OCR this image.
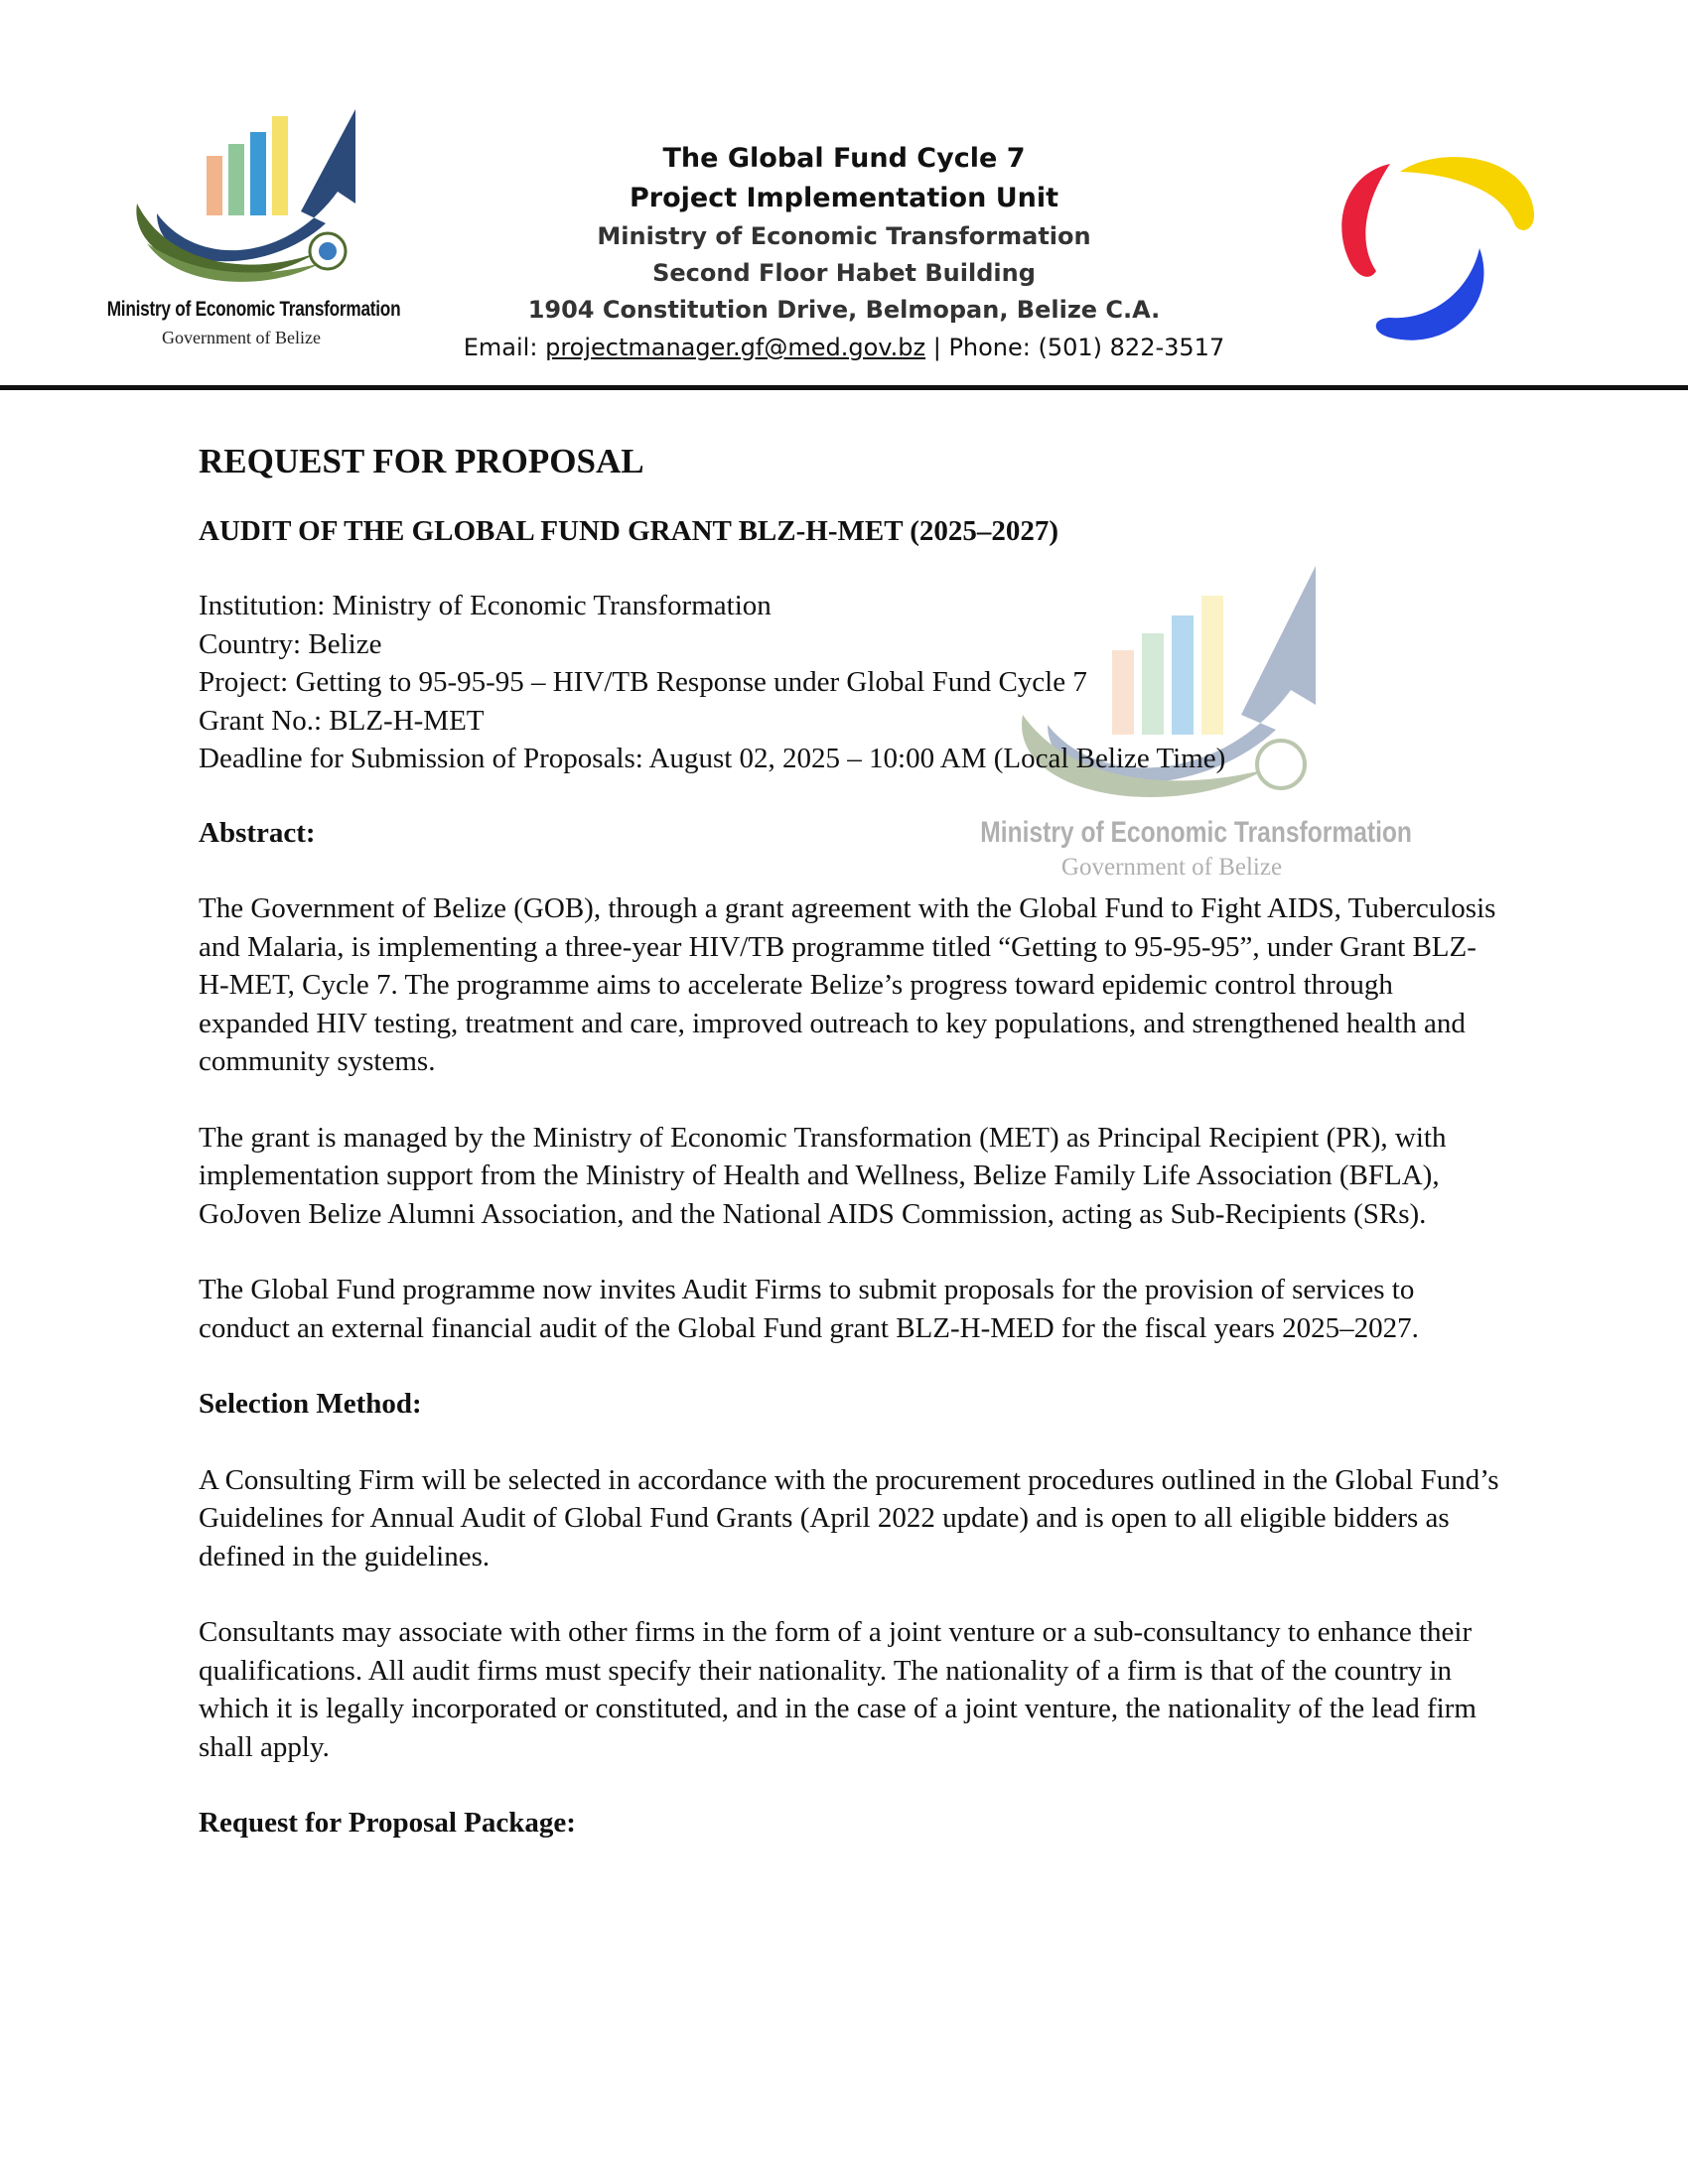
Ministry of Economic Transformation
Government of Belize
The Global Fund Cycle 7
Project Implementation Unit
Ministry of Economic Transformation
Second Floor Habet Building
1904 Constitution Drive, Belmopan, Belize C.A.
Email: projectmanager.gf@med.gov.bz | Phone: (501) 822-3517
Ministry of Economic Transformation
Government of Belize
REQUEST FOR PROPOSAL
AUDIT OF THE GLOBAL FUND GRANT BLZ-H-MET (2025–2027)
Institution: Ministry of Economic Transformation
Country: Belize
Project: Getting to 95-95-95 – HIV/TB Response under Global Fund Cycle 7
Grant No.: BLZ-H-MET
Deadline for Submission of Proposals: August 02, 2025 – 10:00 AM (Local Belize Time)
Abstract:
The Government of Belize (GOB), through a grant agreement with the Global Fund to Fight AIDS, Tuberculosis and Malaria, is implementing a three-year HIV/TB programme titled “Getting to 95-95-95”, under Grant BLZ-H-MET, Cycle 7. The programme aims to accelerate Belize’s progress toward epidemic control through expanded HIV testing, treatment and care, improved outreach to key populations, and strengthened health and community systems.
The grant is managed by the Ministry of Economic Transformation (MET) as Principal Recipient (PR), with implementation support from the Ministry of Health and Wellness, Belize Family Life Association (BFLA), GoJoven Belize Alumni Association, and the National AIDS Commission, acting as Sub-Recipients (SRs).
The Global Fund programme now invites Audit Firms to submit proposals for the provision of services to conduct an external financial audit of the Global Fund grant BLZ-H-MED for the fiscal years 2025–2027.
Selection Method:
A Consulting Firm will be selected in accordance with the procurement procedures outlined in the Global Fund’s Guidelines for Annual Audit of Global Fund Grants (April 2022 update) and is open to all eligible bidders as defined in the guidelines.
Consultants may associate with other firms in the form of a joint venture or a sub-consultancy to enhance their qualifications. All audit firms must specify their nationality. The nationality of a firm is that of the country in which it is legally incorporated or constituted, and in the case of a joint venture, the nationality of the lead firm shall apply.
Request for Proposal Package:
